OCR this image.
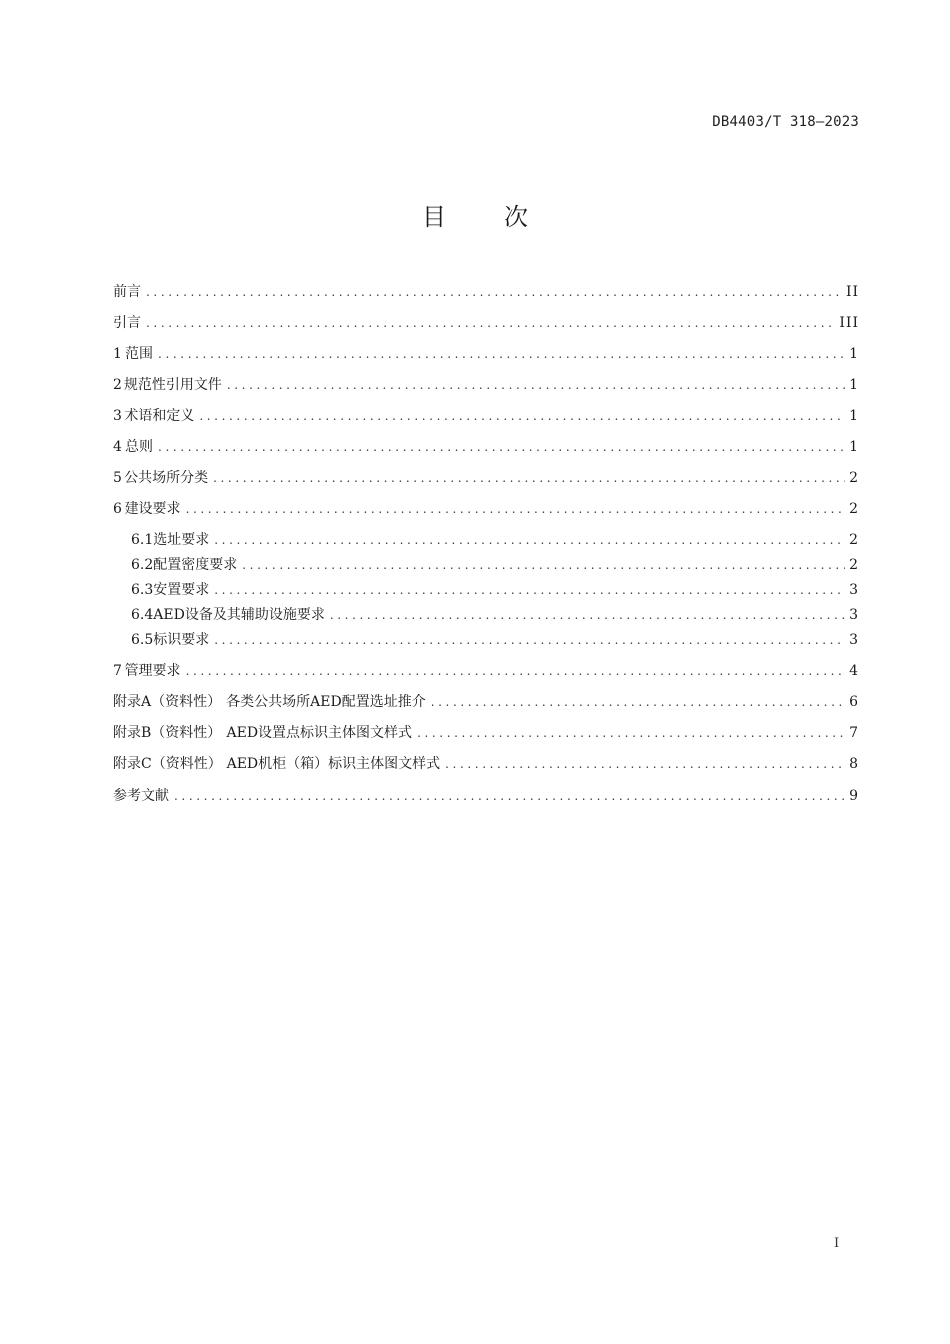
DB4403/T 318—2023
目 次
前言 .....	II
引言 .....	III
1 范围 .....	1
2 规范性引用文件 .....	1
3 术语和定义 .....	1
4 总则 .....	1
5 公共场所分类 .....	2
6 建设要求 .....	2
6.1 选址要求 .....	2
6.2 配置密度要求 .....	2
6.3 安置要求 .....	3
6.4 AED设备及其辅助设施要求 .....	3
6.5 标识要求 .....	3
7 管理要求 .....	4
附录A（资料性） 各类公共场所AED配置选址推介 .....	6
附录B（资料性） AED设置点标识主体图文样式 .....	7
附录C（资料性） AED机柜（箱）标识主体图文样式 .....	8
参考文献 .....	9
I
